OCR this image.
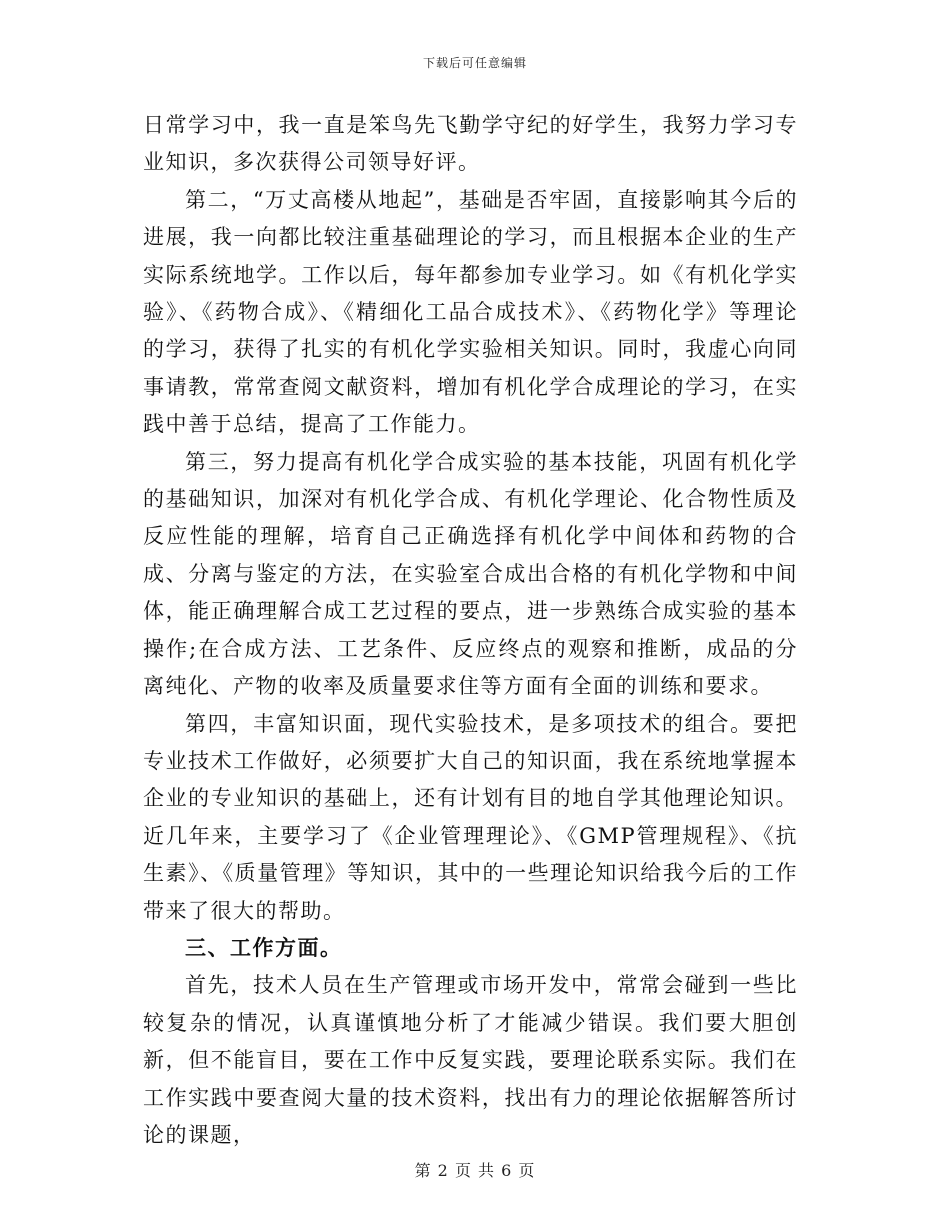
下载后可任意编辑

日常学习中，我一直是笨鸟先飞勤学守纪的好学生，我努力学习专业知识，多次获得公司领导好评。

第二，“万丈高楼从地起”，基础是否牢固，直接影响其今后的进展，我一向都比较注重基础理论的学习，而且根据本企业的生产实际系统地学。工作以后，每年都参加专业学习。如《有机化学实验》、《药物合成》、《精细化工品合成技术》、《药物化学》等理论的学习，获得了扎实的有机化学实验相关知识。同时，我虚心向同事请教，常常查阅文献资料，增加有机化学合成理论的学习，在实践中善于总结，提高了工作能力。

第三，努力提高有机化学合成实验的基本技能，巩固有机化学的基础知识，加深对有机化学合成、有机化学理论、化合物性质及反应性能的理解，培育自己正确选择有机化学中间体和药物的合成、分离与鉴定的方法，在实验室合成出合格的有机化学物和中间体，能正确理解合成工艺过程的要点，进一步熟练合成实验的基本操作;在合成方法、工艺条件、反应终点的观察和推断，成品的分离纯化、产物的收率及质量要求住等方面有全面的训练和要求。

第四，丰富知识面，现代实验技术，是多项技术的组合。要把专业技术工作做好，必须要扩大自己的知识面，我在系统地掌握本企业的专业知识的基础上，还有计划有目的地自学其他理论知识。近几年来，主要学习了《企业管理理论》、《GMP管理规程》、《抗生素》、《质量管理》等知识，其中的一些理论知识给我今后的工作带来了很大的帮助。

三、工作方面。

首先，技术人员在生产管理或市场开发中，常常会碰到一些比较复杂的情况，认真谨慎地分析了才能减少错误。我们要大胆创新，但不能盲目，要在工作中反复实践，要理论联系实际。我们在工作实践中要查阅大量的技术资料，找出有力的理论依据解答所讨论的课题，

第 2 页 共 6 页
